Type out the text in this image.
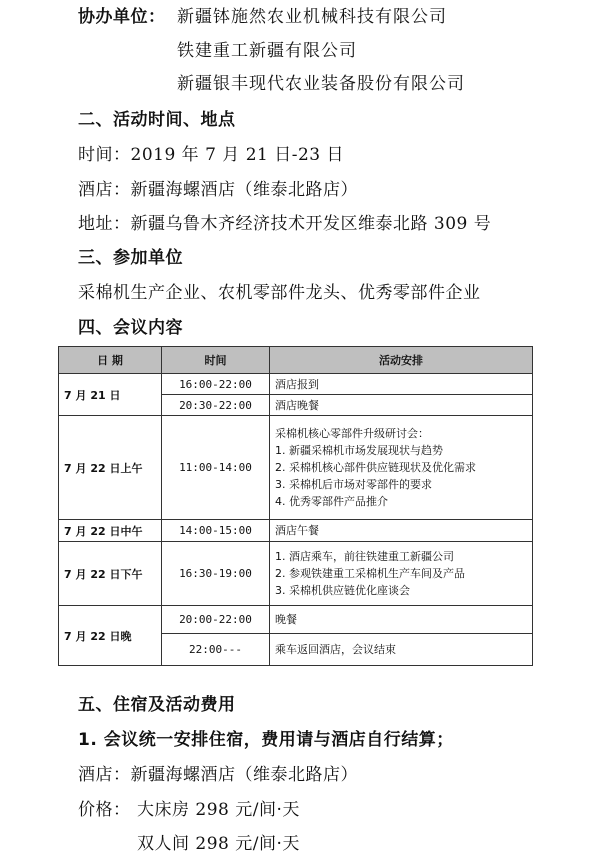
协办单位： 新疆钵施然农业机械科技有限公司
铁建重工新疆有限公司
新疆银丰现代农业装备股份有限公司
二、活动时间、地点
时间：2019 年 7 月 21 日-23 日
酒店：新疆海螺酒店（维泰北路店）
地址：新疆乌鲁木齐经济技术开发区维泰北路 309 号
三、参加单位
采棉机生产企业、农机零部件龙头、优秀零部件企业
四、会议内容
日 期	时间	活动安排
7 月 21 日	16:00-22:00	酒店报到
	20:30-22:00	酒店晚餐
7 月 22 日上午	11:00-14:00	采棉机核心零部件升级研讨会：
1. 新疆采棉机市场发展现状与趋势
2. 采棉机核心部件供应链现状及优化需求
3. 采棉机后市场对零部件的要求
4. 优秀零部件产品推介

7 月 22 日中午	14:00-15:00	酒店午餐
7 月 22 日下午	16:30-19:00	1. 酒店乘车，前往铁建重工新疆公司
2. 参观铁建重工采棉机生产车间及产品
3. 采棉机供应链优化座谈会

7 月 22 日晚	20:00-22:00	晚餐
	22:00---	乘车返回酒店，会议结束
五、住宿及活动费用
1. 会议统一安排住宿，费用请与酒店自行结算；
酒店：新疆海螺酒店（维泰北路店）
价格： 大床房 298 元/间·天
双人间 298 元/间·天
